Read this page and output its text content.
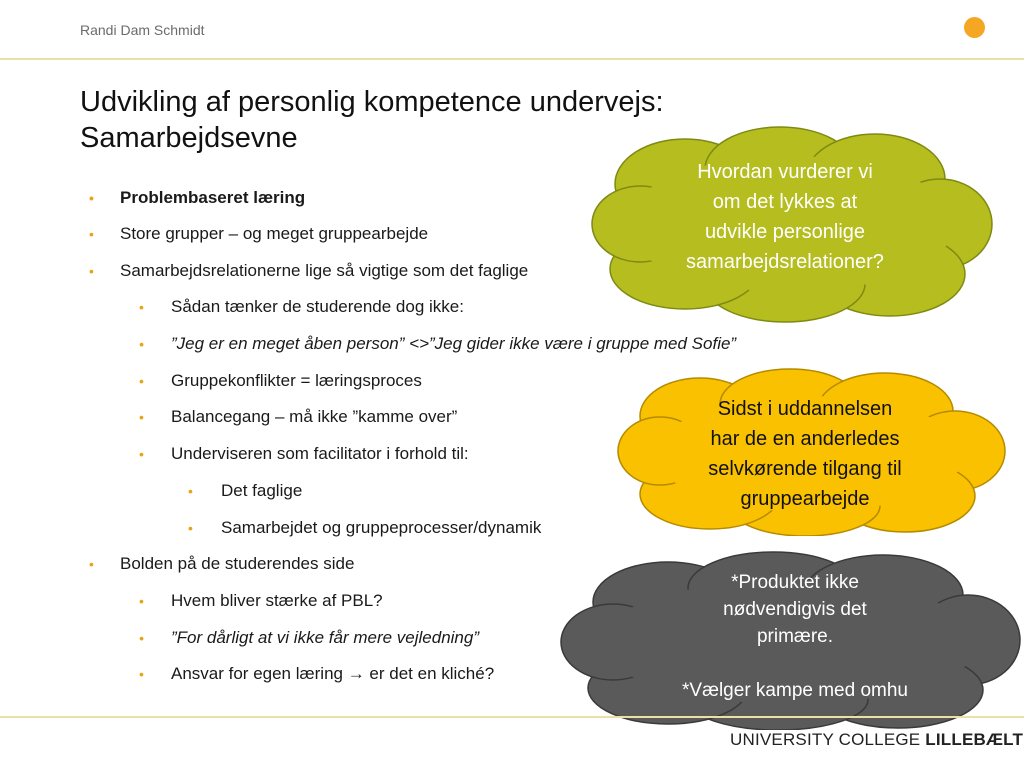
Randi Dam Schmidt
Udvikling af personlig kompetence undervejs:
Samarbejdsevne
• Problembaseret læring
• Store grupper – og meget gruppearbejde
• Samarbejdsrelationerne lige så vigtige som det faglige
• Sådan tænker de studerende dog ikke:
• ”Jeg er en meget åben person” <>”Jeg gider ikke være i gruppe med Sofie”
• Gruppekonflikter = læringsproces
• Balancegang – må ikke ”kamme over”
• Underviseren som facilitator i forhold til:
• Det faglige
• Samarbejdet og gruppeprocesser/dynamik
• Bolden på de studerendes side
• Hvem bliver stærke af PBL?
• ”For dårligt at vi ikke får mere vejledning”
• Ansvar for egen læring → er det en kliché?
Hvordan vurderer vi
om det lykkes at
udvikle personlige
samarbejdsrelationer?
Sidst i uddannelsen
har de en anderledes
selvkørende tilgang til
gruppearbejde
*Produktet ikke
nødvendigvis det
primære.
*Vælger kampe med omhu
UNIVERSITY COLLEGE LILLEBÆLT
